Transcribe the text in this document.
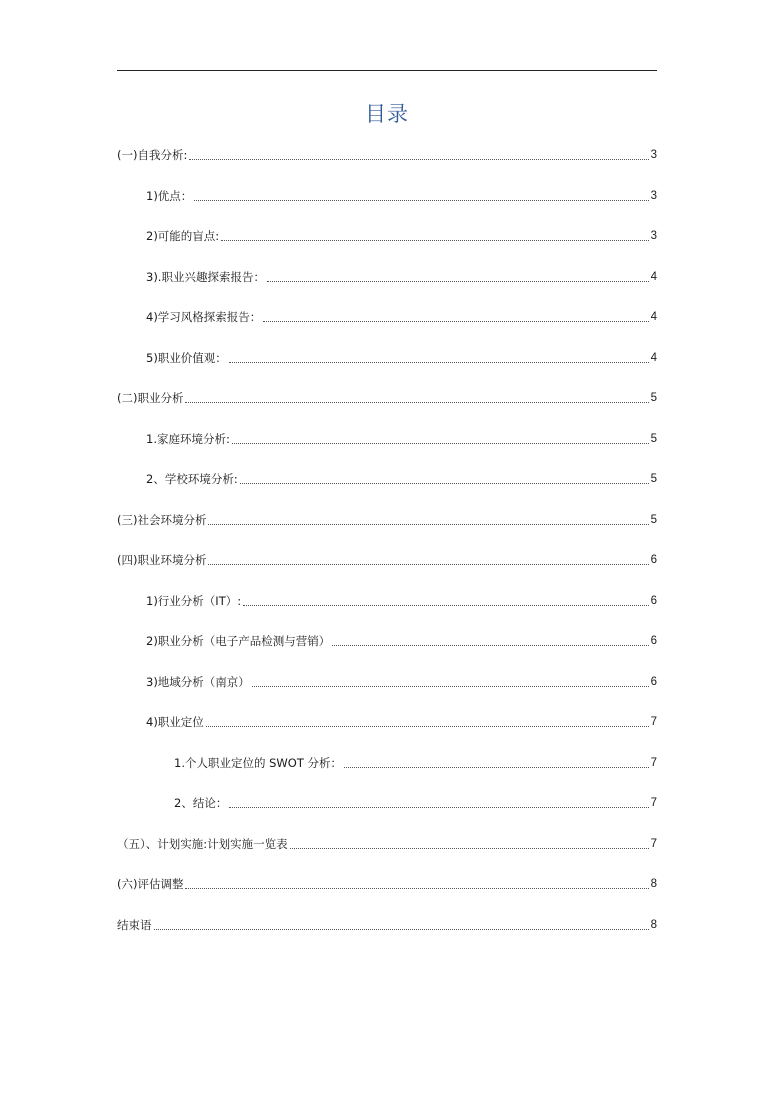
目录
(一)自我分析:	3
1)优点：	3
2)可能的盲点:	3
3).职业兴趣探索报告：	4
4)学习风格探索报告：	4
5)职业价值观：	4
(二)职业分析	5
1.家庭环境分析:	5
2、学校环境分析:	5
(三)社会环境分析	5
(四)职业环境分析	6
1)行业分析（IT）:	6
2)职业分析（电子产品检测与营销）	6
3)地域分析（南京）	6
4)职业定位	7
1.个人职业定位的 SWOT 分析：	7
2、结论：	7
（五）、计划实施:计划实施一览表	7
(六)评估调整	8
结束语	8
